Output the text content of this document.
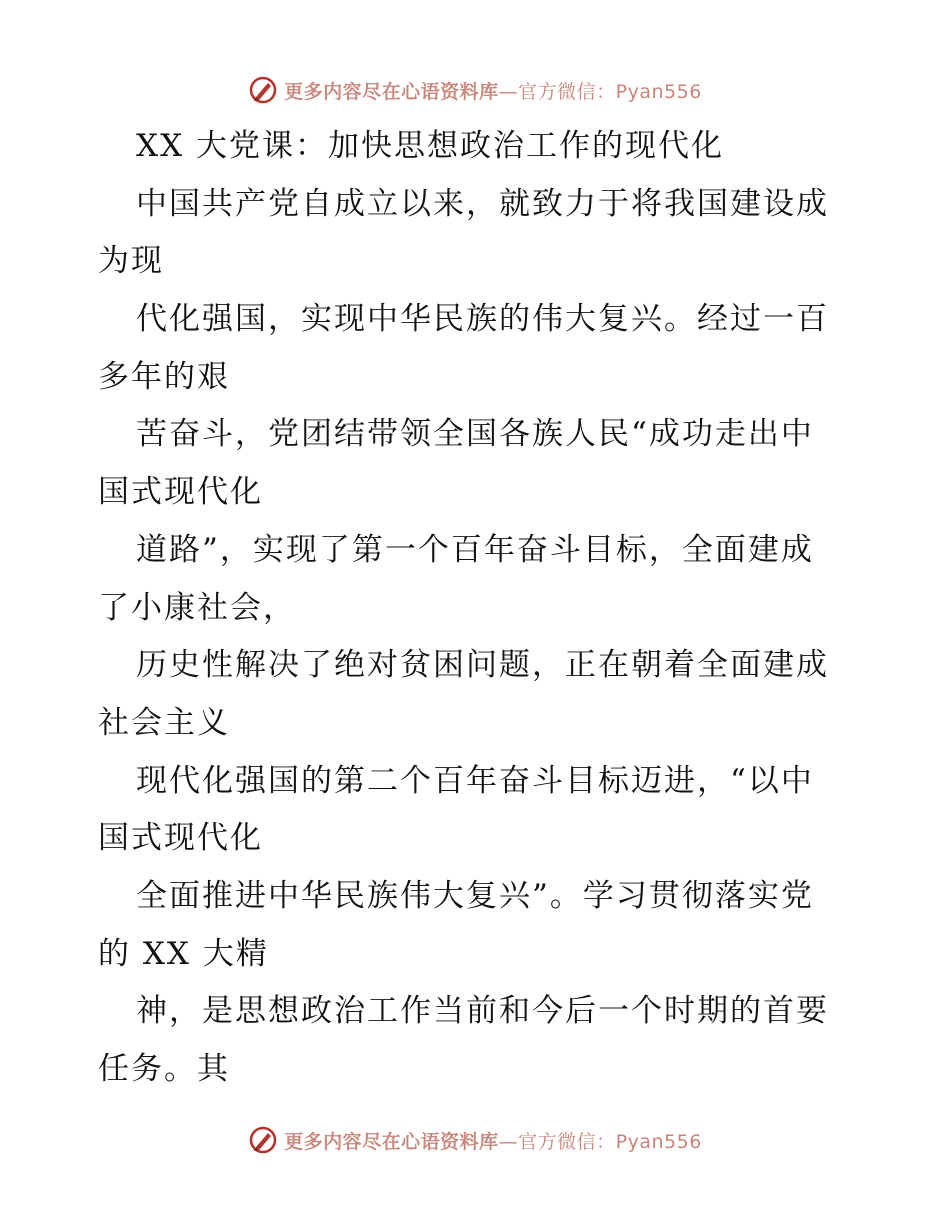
更多内容尽在心语资料库—官方微信：Pyan556
XX 大党课：加快思想政治工作的现代化
中国共产党自成立以来，就致力于将我国建设成
为现
代化强国，实现中华民族的伟大复兴。经过一百
多年的艰
苦奋斗，党团结带领全国各族人民“成功走出中
国式现代化
道路”，实现了第一个百年奋斗目标，全面建成
了小康社会，
历史性解决了绝对贫困问题，正在朝着全面建成
社会主义
现代化强国的第二个百年奋斗目标迈进，“以中
国式现代化
全面推进中华民族伟大复兴”。学习贯彻落实党
的 XX 大精
神，是思想政治工作当前和今后一个时期的首要
任务。其
更多内容尽在心语资料库—官方微信：Pyan556
